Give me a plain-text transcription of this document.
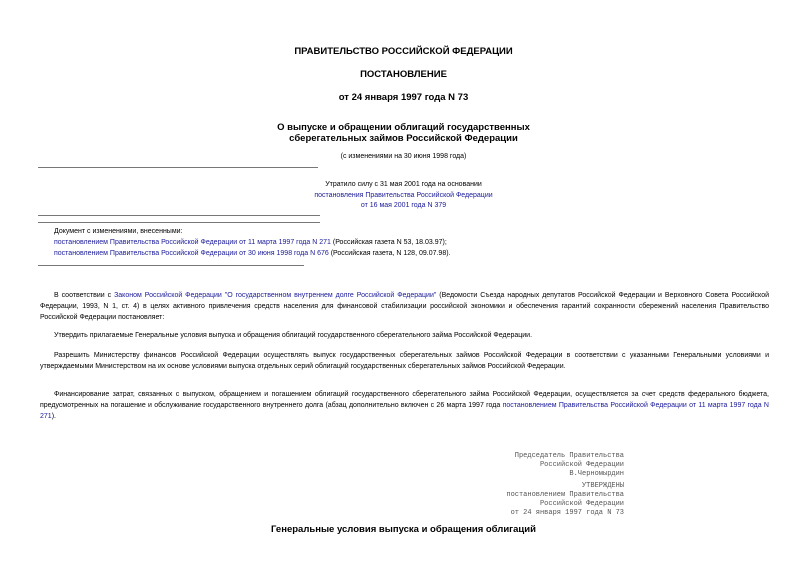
ПРАВИТЕЛЬСТВО РОССИЙСКОЙ ФЕДЕРАЦИИ
ПОСТАНОВЛЕНИЕ
от 24 января 1997 года N 73
О выпуске и обращении облигаций государственных
сберегательных займов Российской Федерации
(с изменениями на 30 июня 1998 года)
Утратило силу с 31 мая 2001 года на основании
постановления Правительства Российской Федерации
от 16 мая 2001 года N 379
Документ с изменениями, внесенными:
постановлением Правительства Российской Федерации от 11 марта 1997 года N 271 (Российская газета N 53, 18.03.97);
постановлением Правительства Российской Федерации от 30 июня 1998 года N 676 (Российская газета, N 128, 09.07.98).
В соответствии с Законом Российской Федерации "О государственном внутреннем долге Российской Федерации" (Ведомости Съезда народных депутатов Российской Федерации и Верховного Совета Российской Федерации, 1993, N 1, ст. 4) в целях активного привлечения средств населения для финансовой стабилизации российской экономики и обеспечения гарантий сохранности сбережений населения Правительство Российской Федерации постановляет:
Утвердить прилагаемые Генеральные условия выпуска и обращения облигаций государственного сберегательного займа Российской Федерации.
Разрешить Министерству финансов Российской Федерации осуществлять выпуск государственных сберегательных займов Российской Федерации в соответствии с указанными Генеральными условиями и утверждаемыми Министерством на их основе условиями выпуска отдельных серий облигаций государственных сберегательных займов Российской Федерации.
Финансирование затрат, связанных с выпуском, обращением и погашением облигаций государственного сберегательного займа Российской Федерации, осуществляется за счет средств федерального бюджета, предусмотренных на погашение и обслуживание государственного внутреннего долга (абзац дополнительно включен с 26 марта 1997 года постановлением Правительства Российской Федерации от 11 марта 1997 года N 271).
Председатель Правительства
Российской Федерации
В.Черномырдин
УТВЕРЖДЕНЫ
постановлением Правительства
Российской Федерации
от 24 января 1997 года N 73
Генеральные условия выпуска и обращения облигаций
